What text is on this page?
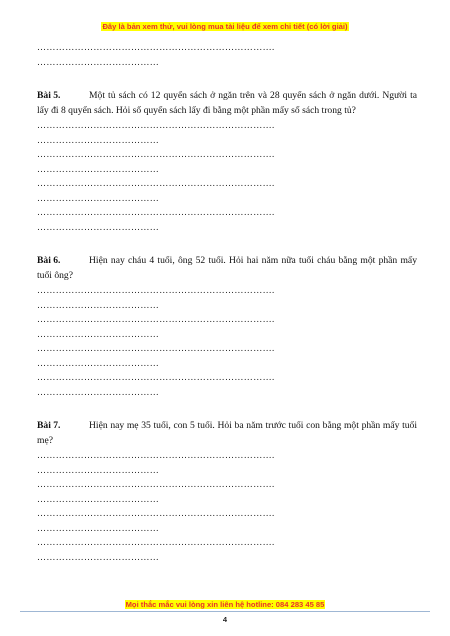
Đây là bản xem thử, vui lòng mua tài liệu để xem chi tiết (có lời giải)
………………………………………………………………….
…………………………………
Bài 5.	Một tủ sách có 12 quyển sách ở ngăn trên và 28 quyển sách ở ngăn dưới. Người ta lấy đi 8 quyển sách. Hỏi số quyển sách lấy đi bằng một phần mấy số sách trong tủ?
………………………………………………………………….
…………………………………
………………………………………………………………….
…………………………………
………………………………………………………………….
…………………………………
………………………………………………………………….
…………………………………
Bài 6.	Hiện nay cháu 4 tuổi, ông 52 tuổi. Hỏi hai năm nữa tuổi cháu bằng một phần mấy tuổi ông?
………………………………………………………………….
…………………………………
………………………………………………………………….
…………………………………
………………………………………………………………….
…………………………………
………………………………………………………………….
…………………………………
Bài 7.	Hiện nay mẹ 35 tuổi, con 5 tuổi. Hỏi ba năm trước tuổi con bằng một phần mấy tuổi mẹ?
………………………………………………………………….
…………………………………
………………………………………………………………….
…………………………………
………………………………………………………………….
…………………………………
………………………………………………………………….
…………………………………
Mọi thắc mắc vui lòng xin liên hệ hotline: 084 283 45 85
4
